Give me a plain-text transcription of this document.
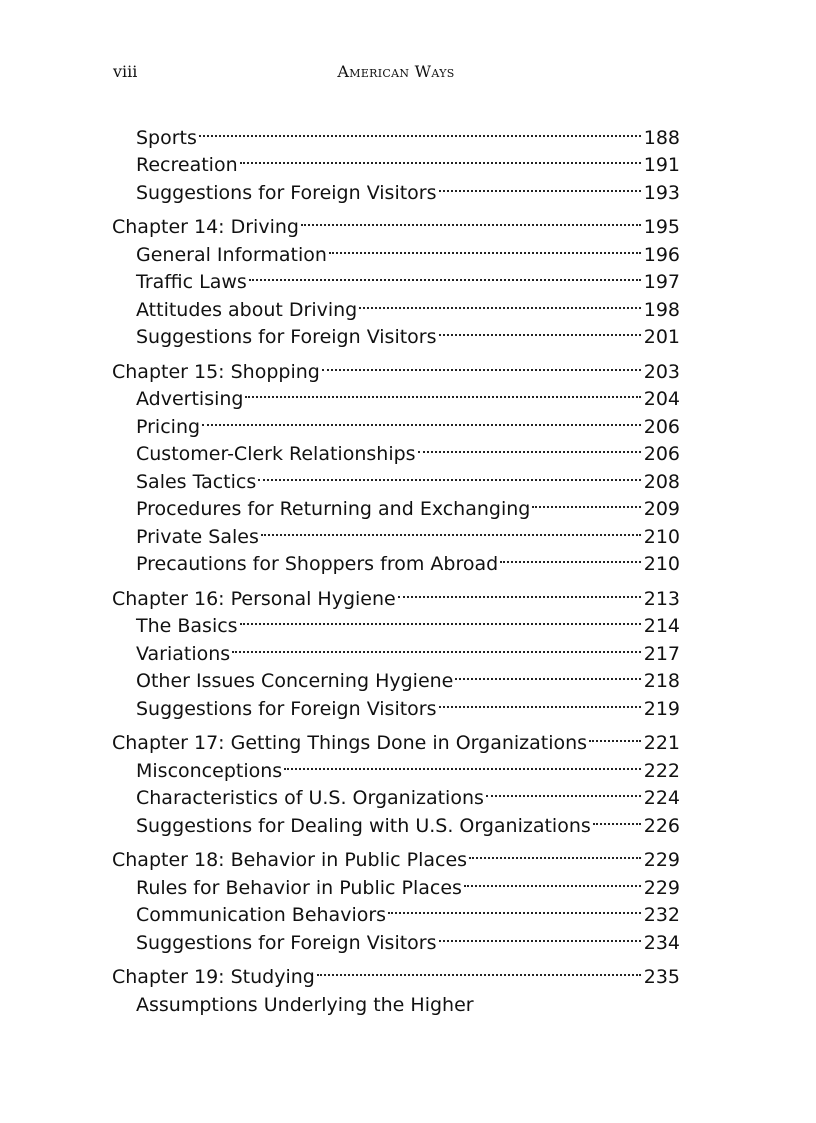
viii	American Ways
Sports	188
Recreation	191
Suggestions for Foreign Visitors	193
Chapter 14: Driving	195
General Information	196
Traffic Laws	197
Attitudes about Driving	198
Suggestions for Foreign Visitors	201
Chapter 15: Shopping	203
Advertising	204
Pricing	206
Customer-Clerk Relationships	206
Sales Tactics	208
Procedures for Returning and Exchanging	209
Private Sales	210
Precautions for Shoppers from Abroad	210
Chapter 16: Personal Hygiene	213
The Basics	214
Variations	217
Other Issues Concerning Hygiene	218
Suggestions for Foreign Visitors	219
Chapter 17: Getting Things Done in Organizations	221
Misconceptions	222
Characteristics of U.S. Organizations	224
Suggestions for Dealing with U.S. Organizations	226
Chapter 18: Behavior in Public Places	229
Rules for Behavior in Public Places	229
Communication Behaviors	232
Suggestions for Foreign Visitors	234
Chapter 19: Studying	235
Assumptions Underlying the Higher
